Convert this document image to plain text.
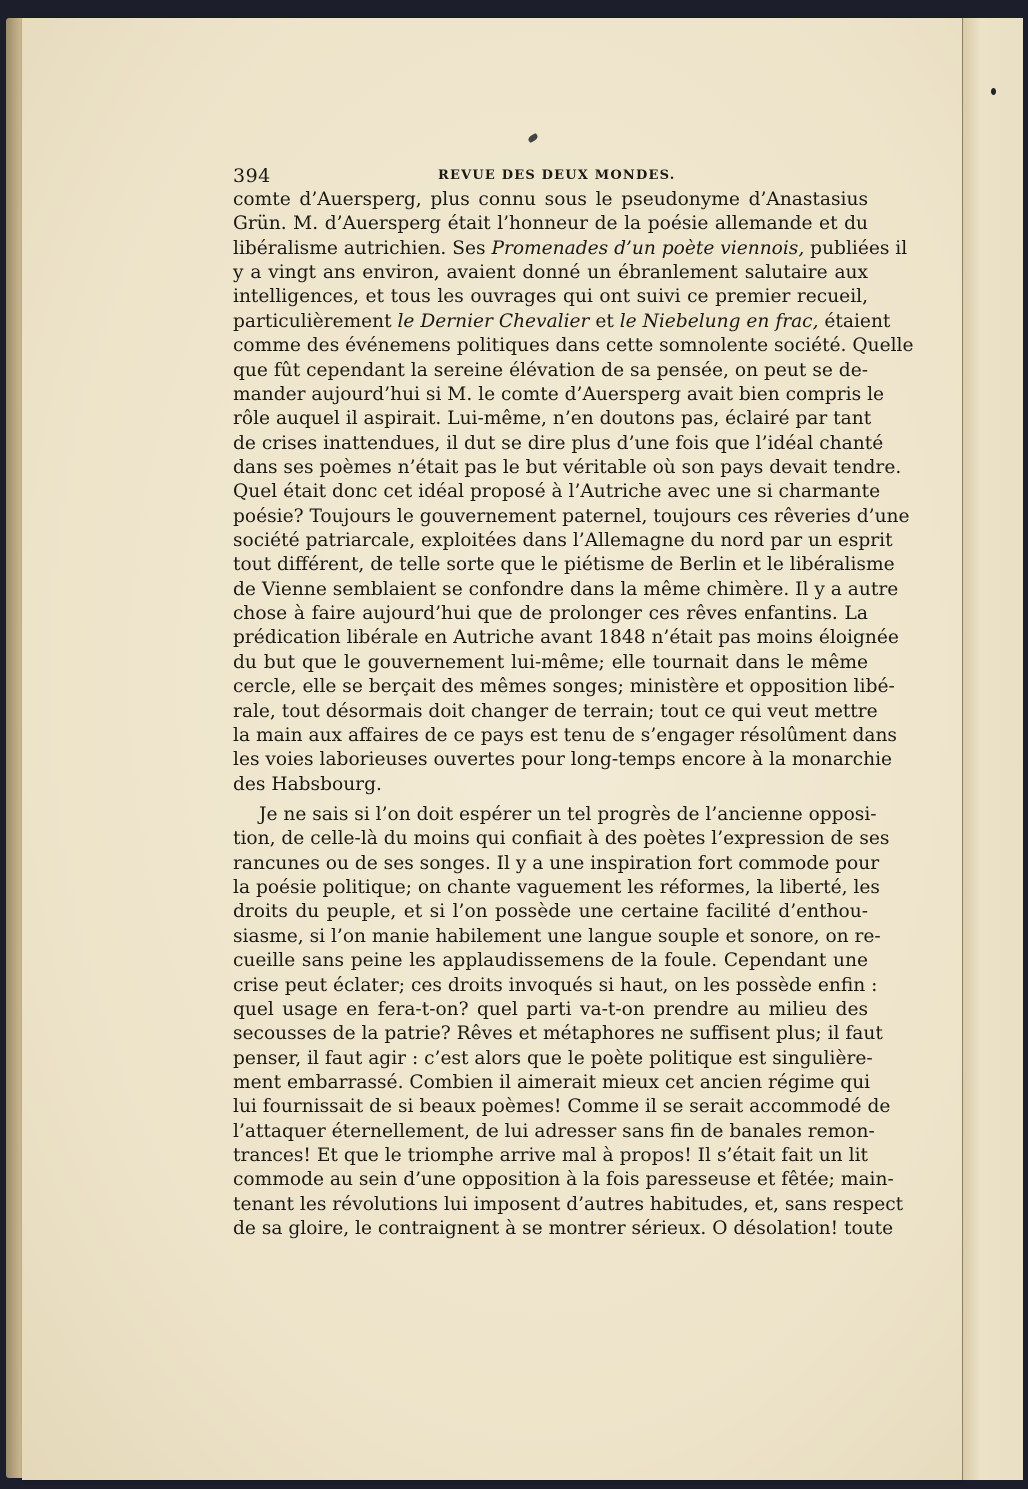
394	REVUE DES DEUX MONDES.
comte d’Auersperg, plus connu sous le pseudonyme d’Anastasius
Grün. M. d’Auersperg était l’honneur de la poésie allemande et du
libéralisme autrichien. Ses Promenades d’un poète viennois, publiées il
y a vingt ans environ, avaient donné un ébranlement salutaire aux
intelligences, et tous les ouvrages qui ont suivi ce premier recueil,
particulièrement le Dernier Chevalier et le Niebelung en frac, étaient
comme des événemens politiques dans cette somnolente société. Quelle
que fût cependant la sereine élévation de sa pensée, on peut se de-
mander aujourd’hui si M. le comte d’Auersperg avait bien compris le
rôle auquel il aspirait. Lui-même, n’en doutons pas, éclairé par tant
de crises inattendues, il dut se dire plus d’une fois que l’idéal chanté
dans ses poèmes n’était pas le but véritable où son pays devait tendre.
Quel était donc cet idéal proposé à l’Autriche avec une si charmante
poésie? Toujours le gouvernement paternel, toujours ces rêveries d’une
société patriarcale, exploitées dans l’Allemagne du nord par un esprit
tout différent, de telle sorte que le piétisme de Berlin et le libéralisme
de Vienne semblaient se confondre dans la même chimère. Il y a autre
chose à faire aujourd’hui que de prolonger ces rêves enfantins. La
prédication libérale en Autriche avant 1848 n’était pas moins éloignée
du but que le gouvernement lui-même; elle tournait dans le même
cercle, elle se berçait des mêmes songes; ministère et opposition libé-
rale, tout désormais doit changer de terrain; tout ce qui veut mettre
la main aux affaires de ce pays est tenu de s’engager résolûment dans
les voies laborieuses ouvertes pour long-temps encore à la monarchie
des Habsbourg.
Je ne sais si l’on doit espérer un tel progrès de l’ancienne opposi-
tion, de celle-là du moins qui confiait à des poètes l’expression de ses
rancunes ou de ses songes. Il y a une inspiration fort commode pour
la poésie politique; on chante vaguement les réformes, la liberté, les
droits du peuple, et si l’on possède une certaine facilité d’enthou-
siasme, si l’on manie habilement une langue souple et sonore, on re-
cueille sans peine les applaudissemens de la foule. Cependant une
crise peut éclater; ces droits invoqués si haut, on les possède enfin :
quel usage en fera-t-on? quel parti va-t-on prendre au milieu des
secousses de la patrie? Rêves et métaphores ne suffisent plus; il faut
penser, il faut agir : c’est alors que le poète politique est singulière-
ment embarrassé. Combien il aimerait mieux cet ancien régime qui
lui fournissait de si beaux poèmes! Comme il se serait accommodé de
l’attaquer éternellement, de lui adresser sans fin de banales remon-
trances! Et que le triomphe arrive mal à propos! Il s’était fait un lit
commode au sein d’une opposition à la fois paresseuse et fêtée; main-
tenant les révolutions lui imposent d’autres habitudes, et, sans respect
de sa gloire, le contraignent à se montrer sérieux. O désolation! toute
